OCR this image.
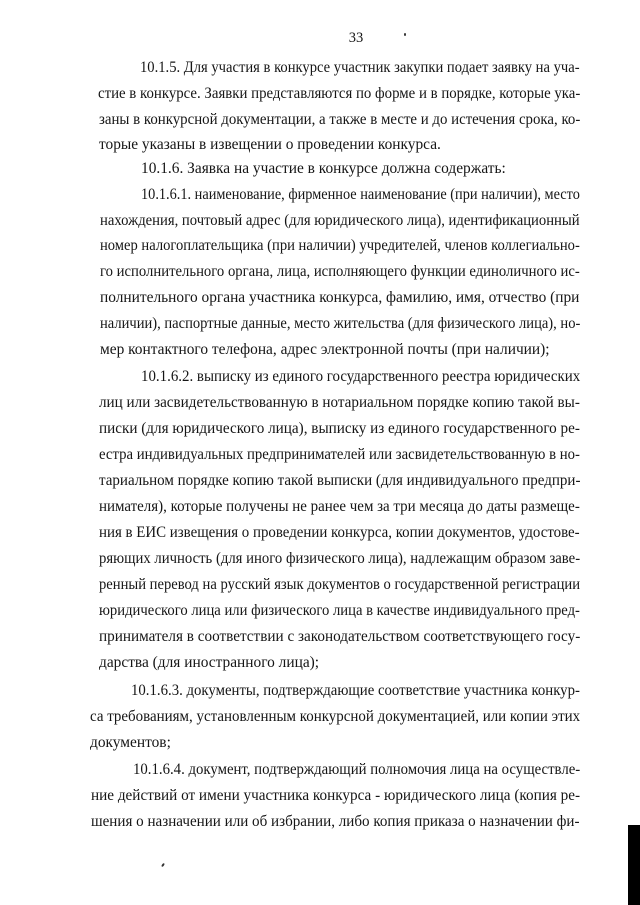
33
10.1.5. Для участия в конкурсе участник закупки подает заявку на уча-
стие в конкурсе. Заявки представляются по форме и в порядке, которые ука-
заны в конкурсной документации, а также в месте и до истечения срока, ко-
торые указаны в извещении о проведении конкурса.
10.1.6. Заявка на участие в конкурсе должна содержать:
10.1.6.1. наименование, фирменное наименование (при наличии), место
нахождения, почтовый адрес (для юридического лица), идентификационный
номер налогоплательщика (при наличии) учредителей, членов коллегиально-
го исполнительного органа, лица, исполняющего функции единоличного ис-
полнительного органа участника конкурса, фамилию, имя, отчество (при
наличии), паспортные данные, место жительства (для физического лица), но-
мер контактного телефона, адрес электронной почты (при наличии);
10.1.6.2. выписку из единого государственного реестра юридических
лиц или засвидетельствованную в нотариальном порядке копию такой вы-
писки (для юридического лица), выписку из единого государственного ре-
естра индивидуальных предпринимателей или засвидетельствованную в но-
тариальном порядке копию такой выписки (для индивидуального предпри-
нимателя), которые получены не ранее чем за три месяца до даты размеще-
ния в ЕИС извещения о проведении конкурса, копии документов, удостове-
ряющих личность (для иного физического лица), надлежащим образом заве-
ренный перевод на русский язык документов о государственной регистрации
юридического лица или физического лица в качестве индивидуального пред-
принимателя в соответствии с законодательством соответствующего госу-
дарства (для иностранного лица);
10.1.6.3. документы, подтверждающие соответствие участника конкур-
са требованиям, установленным конкурсной документацией, или копии этих
документов;
10.1.6.4. документ, подтверждающий полномочия лица на осуществле-
ние действий от имени участника конкурса - юридического лица (копия ре-
шения о назначении или об избрании, либо копия приказа о назначении фи-
